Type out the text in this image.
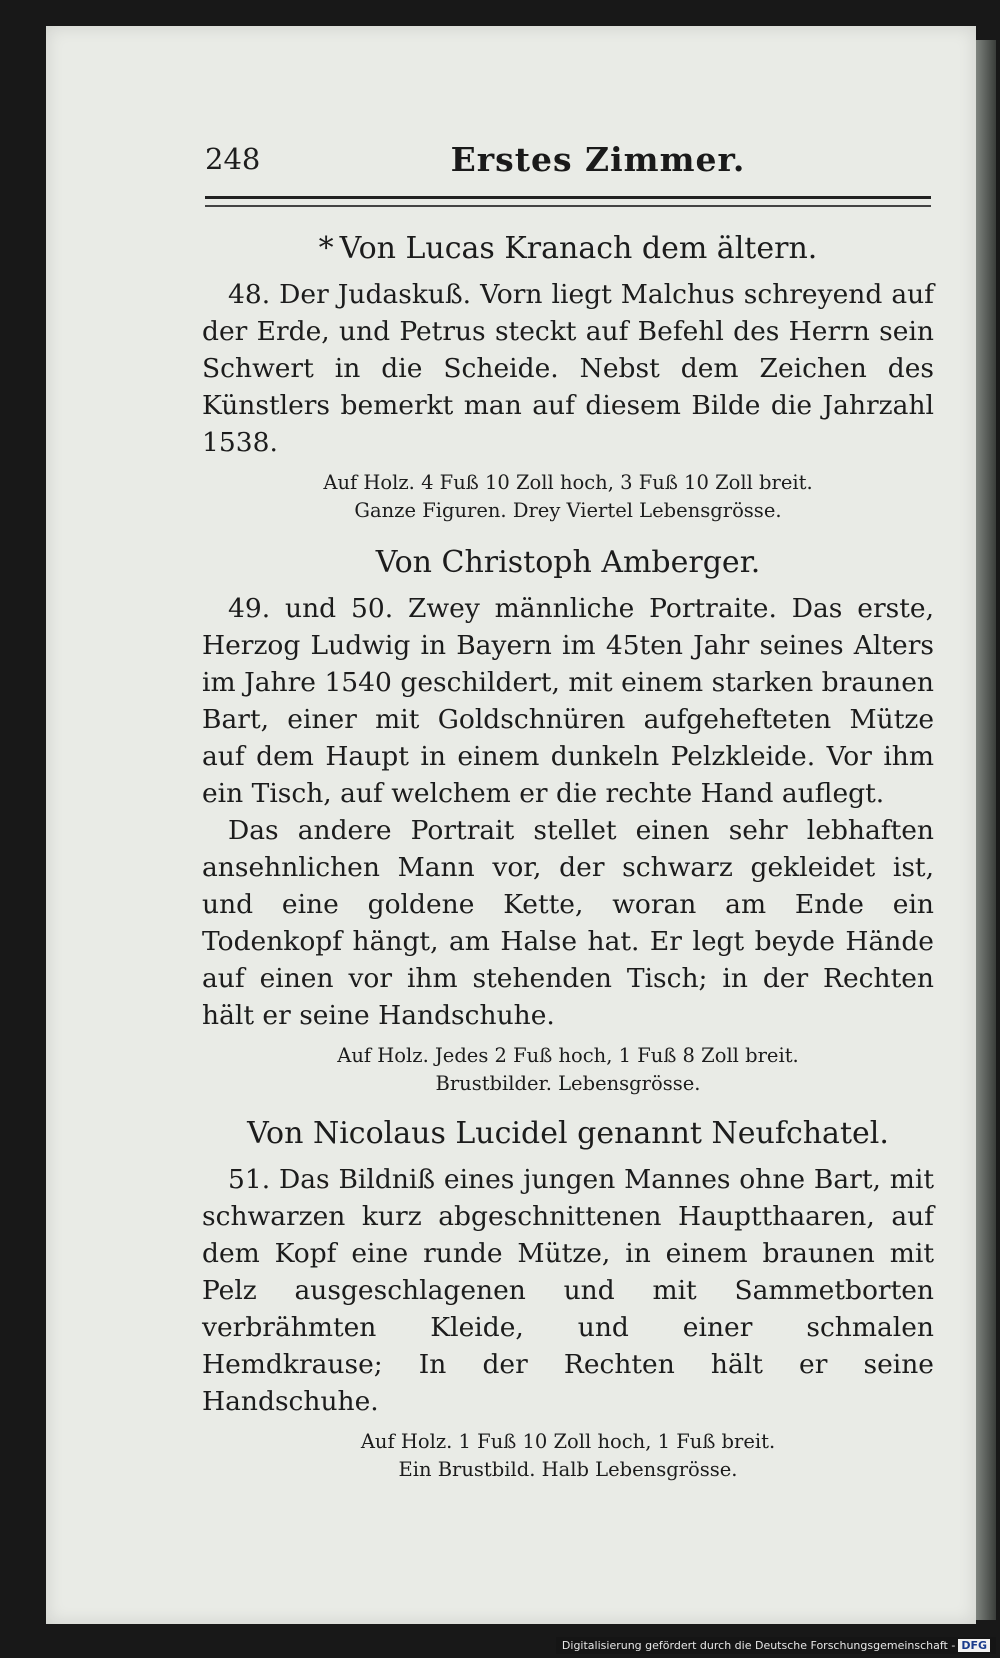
248	Erstes Zimmer.
* Von Lucas Kranach dem ältern.

48. Der Judaskuß. Vorn liegt Malchus schreyend auf der Erde, und Petrus steckt auf Befehl des Herrn sein Schwert in die Scheide. Nebst dem Zeichen des Künstlers bemerkt man auf diesem Bilde die Jahrzahl 1538.

Auf Holz. 4 Fuß 10 Zoll hoch, 3 Fuß 10 Zoll breit.
Ganze Figuren. Drey Viertel Lebensgrösse.
Von Christoph Amberger.

49. und 50. Zwey männliche Portraite. Das erste, Herzog Ludwig in Bayern im 45ten Jahr seines Alters im Jahre 1540 geschildert, mit einem starken braunen Bart, einer mit Goldschnüren aufgehefteten Mütze auf dem Haupt in einem dunkeln Pelzkleide. Vor ihm ein Tisch, auf welchem er die rechte Hand auflegt.

Das andere Portrait stellet einen sehr lebhaften ansehnlichen Mann vor, der schwarz gekleidet ist, und eine goldene Kette, woran am Ende ein Todenkopf hängt, am Halse hat. Er legt beyde Hände auf einen vor ihm stehenden Tisch; in der Rechten hält er seine Handschuhe.

Auf Holz. Jedes 2 Fuß hoch, 1 Fuß 8 Zoll breit.
Brustbilder. Lebensgrösse.
Von Nicolaus Lucidel genannt Neufchatel.

51. Das Bildniß eines jungen Mannes ohne Bart, mit schwarzen kurz abgeschnittenen Hauptthaaren, auf dem Kopf eine runde Mütze, in einem braunen mit Pelz ausgeschlagenen und mit Sammetborten verbrähmten Kleide, und einer schmalen Hemdkrause; In der Rechten hält er seine Handschuhe.

Auf Holz. 1 Fuß 10 Zoll hoch, 1 Fuß breit.
Ein Brustbild. Halb Lebensgrösse.
Digitalisierung gefördert durch die Deutsche Forschungsgemeinschaft - DFG
